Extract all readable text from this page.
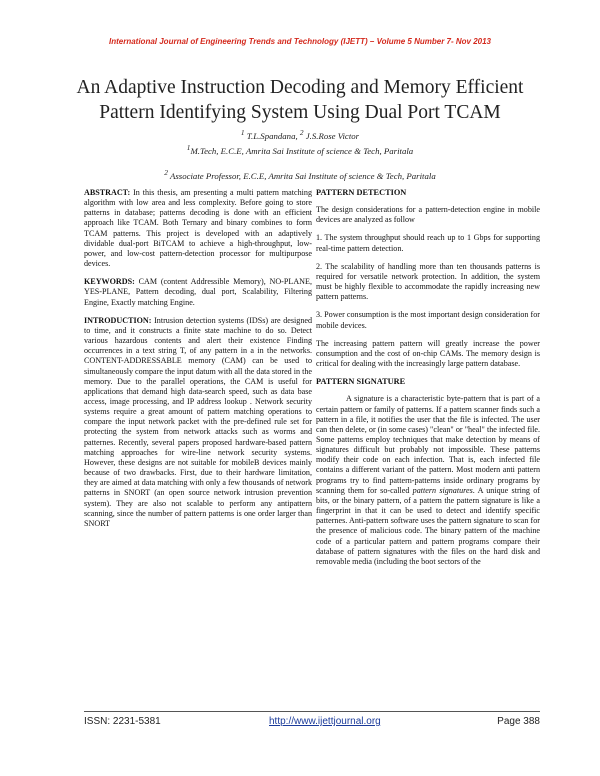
International Journal of Engineering Trends and Technology (IJETT) – Volume 5 Number 7- Nov 2013
An Adaptive Instruction Decoding and Memory Efficient
Pattern Identifying System Using Dual Port TCAM
$^1$ T.L.Spandana, $^2$ J.S.Rose Victor
$^1$M.Tech, E.C.E, Amrita Sai Institute of science & Tech, Paritala
$^2$ Associate Professor, E.C.E, Amrita Sai Institute of science & Tech, Paritala

ABSTRACT: In this thesis, am presenting a multi pattern matching algorithm with low area and less complexity. Before going to store patterns in database; patterns decoding is done with an efficient approach like TCAM. Both Ternary and binary combines to form TCAM patterns. This project is developed with an adaptively dividable dual-port BiTCAM to achieve a high-throughput, low-power, and low-cost pattern-detection processor for multipurpose devices.

KEYWORDS: CAM (content Addressible Memory), NO-PLANE, YES-PLANE, Pattern decoding, dual port, Scalability, Filtering Engine, Exactly matching Engine.

INTRODUCTION: Intrusion detection systems (IDSs) are designed to time, and it constructs a finite state machine to do so. Detect various hazardous contents and alert their existence Finding occurrences in a text string T, of any pattern in a in the networks. CONTENT-ADDRESSABLE memory (CAM) can be used to simultaneously compare the input datum with all the data stored in the memory. Due to the parallel operations, the CAM is useful for applications that demand high data-search speed, such as data base access, image processing, and IP address lookup . Network security systems require a great amount of pattern matching operations to compare the input network packet with the pre-defined rule set for protecting the system from network attacks such as worms and patternes. Recently, several papers proposed hardware-based pattern matching approaches for wire-line network security systems. However, these designs are not suitable for mobileB devices mainly because of two drawbacks. First, due to their hardware limitation, they are aimed at data matching with only a few thousands of network patterns in SNORT (an open source network intrusion prevention system). They are also not scalable to perform any antipattern scanning, since the number of pattern patterns is one order larger than SNORT

PATTERN DETECTION

The design considerations for a pattern-detection engine in mobile devices are analyzed as follow

1. The system throughput should reach up to 1 Gbps for supporting real-time pattern detection.

2. The scalability of handling more than ten thousands patterns is required for versatile network protection. In addition, the system must be highly flexible to accommodate the rapidly increasing new pattern patterns.

3. Power consumption is the most important design consideration for mobile devices.

The increasing pattern pattern will greatly increase the power consumption and the cost of on-chip CAMs. The memory design is critical for dealing with the increasingly large pattern database.

PATTERN SIGNATURE

A signature is a characteristic byte-pattern that is part of a certain pattern or family of patterns. If a pattern scanner finds such a pattern in a file, it notifies the user that the file is infected. The user can then delete, or (in some cases) "clean" or "heal" the infected file. Some patterns employ techniques that make detection by means of signatures difficult but probably not impossible. These patterns modify their code on each infection. That is, each infected file contains a different variant of the pattern. Most modern anti pattern programs try to find pattern-patterns inside ordinary programs by scanning them for so-called pattern signatures. A unique string of bits, or the binary pattern, of a pattern the pattern signature is like a fingerprint in that it can be used to detect and identify specific patternes. Anti-pattern software uses the pattern signature to scan for the presence of malicious code. The binary pattern of the machine code of a particular pattern and pattern programs compare their database of pattern signatures with the files on the hard disk and removable media (including the boot sectors of the

ISSN: 2231-5381	http://www.ijettjournal.org	Page 388
